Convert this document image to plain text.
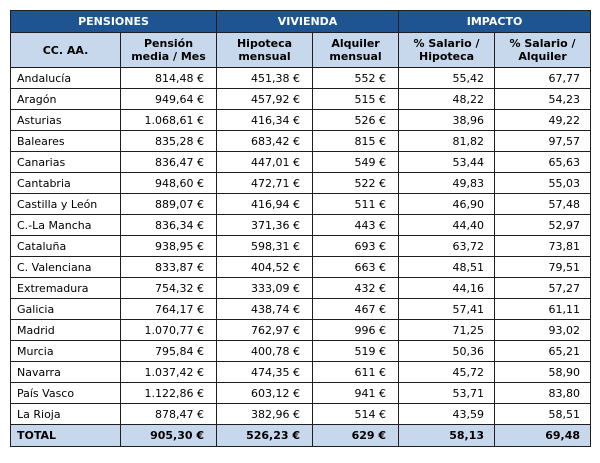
PENSIONES		VIVIENDA		IMPACTO	
CC. AA.	Pensión media / Mes	Hipoteca mensual	Alquiler mensual	% Salario / Hipoteca	% Salario / Alquiler
Andalucía	814,48 €	451,38 €	552 €	55,42	67,77
Aragón	949,64 €	457,92 €	515 €	48,22	54,23
Asturias	1.068,61 €	416,34 €	526 €	38,96	49,22
Baleares	835,28 €	683,42 €	815 €	81,82	97,57
Canarias	836,47 €	447,01 €	549 €	53,44	65,63
Cantabria	948,60 €	472,71 €	522 €	49,83	55,03
Castilla y León	889,07 €	416,94 €	511 €	46,90	57,48
C.-La Mancha	836,34 €	371,36 €	443 €	44,40	52,97
Cataluña	938,95 €	598,31 €	693 €	63,72	73,81
C. Valenciana	833,87 €	404,52 €	663 €	48,51	79,51
Extremadura	754,32 €	333,09 €	432 €	44,16	57,27
Galicia	764,17 €	438,74 €	467 €	57,41	61,11
Madrid	1.070,77 €	762,97 €	996 €	71,25	93,02
Murcia	795,84 €	400,78 €	519 €	50,36	65,21
Navarra	1.037,42 €	474,35 €	611 €	45,72	58,90
País Vasco	1.122,86 €	603,12 €	941 €	53,71	83,80
La Rioja	878,47 €	382,96 €	514 €	43,59	58,51
TOTAL	905,30 €	526,23 €	629 €	58,13	69,48
